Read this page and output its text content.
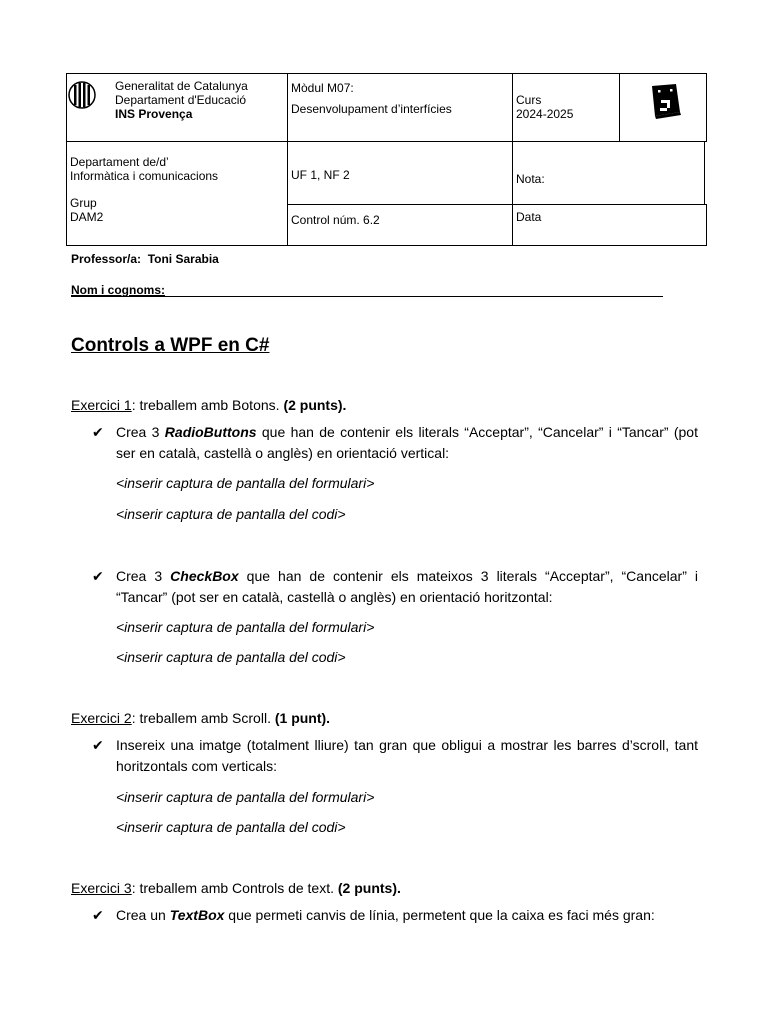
Generalitat de Catalunya
Departament d'Educació
INS Provença
Mòdul M07:
Desenvolupament d’interfícies
Curs
2024-2025
Departament de/d’
Informàtica i comunicacions
Grup
DAM2
UF 1, NF 2	Nota:
Control núm. 6.2	Data
Professor/a: Toni Sarabia
Nom i cognoms:
Controls a WPF en C#
Exercici 1: treballem amb Botons. (2 punts).
✔ Crea 3 RadioButtons que han de contenir els literals “Acceptar”, “Cancelar” i “Tancar” (pot ser en català, castellà o anglès) en orientació vertical:
<inserir captura de pantalla del formulari>
<inserir captura de pantalla del codi>
✔ Crea 3 CheckBox que han de contenir els mateixos 3 literals “Acceptar”, “Cancelar” i “Tancar” (pot ser en català, castellà o anglès) en orientació horitzontal:
<inserir captura de pantalla del formulari>
<inserir captura de pantalla del codi>
Exercici 2: treballem amb Scroll. (1 punt).
✔ Insereix una imatge (totalment lliure) tan gran que obligui a mostrar les barres d’scroll, tant horitzontals com verticals:
<inserir captura de pantalla del formulari>
<inserir captura de pantalla del codi>
Exercici 3: treballem amb Controls de text. (2 punts).
✔ Crea un TextBox que permeti canvis de línia, permetent que la caixa es faci més gran:
